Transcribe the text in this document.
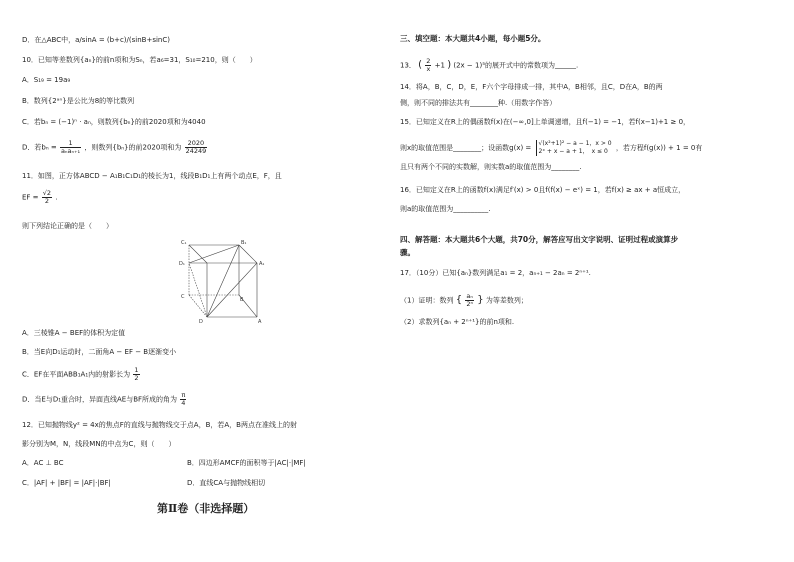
D．在△ABC中，a/sinA = (b+c)/(sinB+sinC)
10．已知等差数列{aₙ}的前n项和为Sₙ，若a₆=31，S₁₀=210，则（　　）
A．S₁₉ = 19a₉
B．数列{2ᵃⁿ}是公比为8的等比数列
C．若bₙ = (−1)ⁿ · aₙ，则数列{bₙ}的前2020项和为4040
D．若$b_n = \frac{1}{\text{aₙaₙ₊₁}}$ ，则数列{bₙ}的前2020项和为 $\frac{2020}{24249}$
11．如图，正方体ABCD − A₁B₁C₁D₁的棱长为1，线段B₁D₁上有两个动点E，F，且
EF = $\frac{√2}{2}$ .
则下列结论正确的是（　　）
C₁	B₁
D₁	A₁
C
D
B
A
A．三棱锥A − BEF的体积为定值
B．当E向D₁运动时，二面角A − EF − B逐渐变小
C．EF在平面ABB₁A₁内的射影长为 $\frac{1}{2}$
D．当E与D₁重合时，异面直线AE与BF所成的角为 $\frac{\pi}{4}$
12．已知抛物线y² = 4x的焦点F的直线与抛物线交于点A，B，若A，B两点在准线上的射
影分别为M，N，线段MN的中点为C，则（　　）
A．AC ⊥ BC	B．四边形AMCF的面积等于|AC|·|MF|
C．|AF| + |BF| = |AF|·|BF|	D．直线CA与抛物线相切
第Ⅱ卷（非选择题）
三、填空题：本大题共4小题，每小题5分。
13． ( $\frac{2}{x} +1$ ) (2x − 1)⁵的展开式中的常数项为______.
14．将A，B，C，D，E，F六个字母排成一排，其中A，B相邻，且C，D在A，B的两
侧，则不同的排法共有________种.（用数字作答）
15．已知定义在R上的偶函数f(x)在(−∞,0]上单调递增，且f(−1) = −1，若f(x−1)+1 ≥ 0，
则x的取值范围是________；设函数g(x) =
√(x²+1)² − a − 1，x > 0
2ˣ + x − a + 1，　x ≤ 0	，若方程f(g(x)) + 1 = 0有
且只有两个不同的实数解，则实数a的取值范围为________.
16．已知定义在R上的函数f(x)满足f′(x) > 0且f(f(x) − eˣ) = 1，若f(x) ≥ ax + a恒成立，
则a的取值范围为__________.
四、解答题：本大题共6个大题，共70分，解答应写出文字说明、证明过程或演算步
骤。
17．（10分）已知{aₙ}数列满足a₁ = 2，aₙ₊₁ − 2aₙ = 2ⁿ⁺¹.
（1）证明：数列 { $\frac{\text{aₙ}}{\text{2ⁿ}}$ } 为等差数列；
（2）求数列{aₙ + 2ⁿ⁺¹}的前n项和.
